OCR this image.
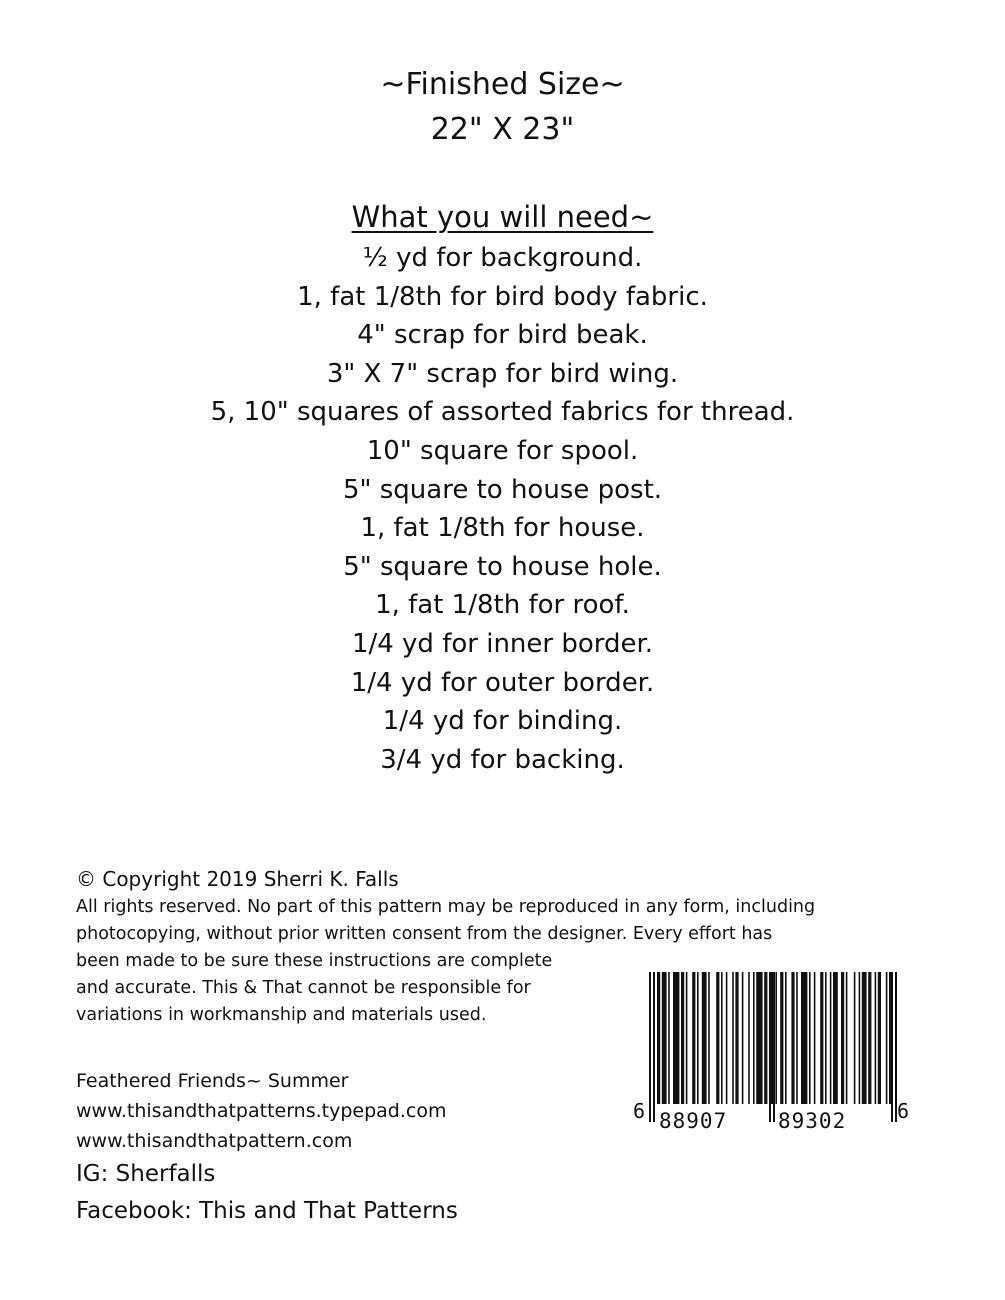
~Finished Size~
22" X 23"
What you will need~
½ yd for background.
1, fat 1/8th for bird body fabric.
4" scrap for bird beak.
3" X 7" scrap for bird wing.
5, 10" squares of assorted fabrics for thread.
10" square for spool.
5" square to house post.
1, fat 1/8th for house.
5" square to house hole.
1, fat 1/8th for roof.
1/4 yd for inner border.
1/4 yd for outer border.
1/4 yd for binding.
3/4 yd for backing.
© Copyright 2019 Sherri K. Falls
All rights reserved. No part of this pattern may be reproduced in any form, including
photocopying, without prior written consent from the designer. Every effort has
been made to be sure these instructions are complete
and accurate. This & That cannot be responsible for
variations in workmanship and materials used.
Feathered Friends~ Summer
www.thisandthatpatterns.typepad.com
www.thisandthatpattern.com
IG: Sherfalls
Facebook: This and That Patterns
6 88907 89302	6
